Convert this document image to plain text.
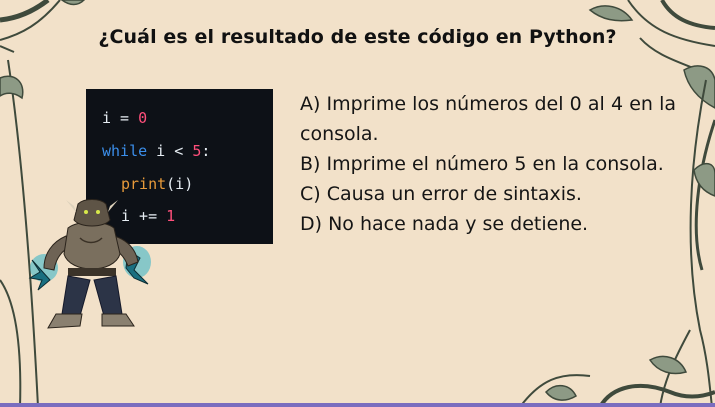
¿Cuál es el resultado de este código en Python?
i = 0
while i < 5:
print(i)
i += 1
A) Imprime los números del 0 al 4 en la consola.
B) Imprime el número 5 en la consola.
C) Causa un error de sintaxis.
D) No hace nada y se detiene.
